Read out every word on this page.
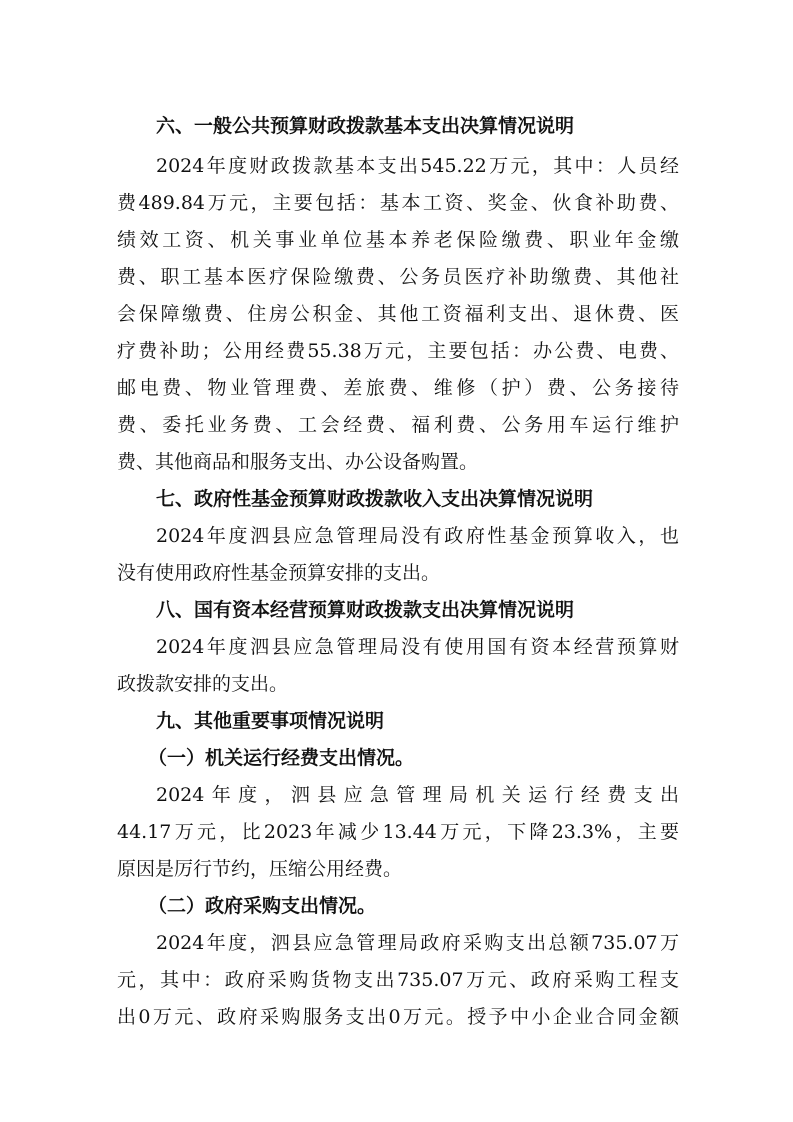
六、一般公共预算财政拨款基本支出决算情况说明
2024年度财政拨款基本支出545.22万元，其中：人员经
费489.84万元，主要包括：基本工资、奖金、伙食补助费、
绩效工资、机关事业单位基本养老保险缴费、职业年金缴
费、职工基本医疗保险缴费、公务员医疗补助缴费、其他社
会保障缴费、住房公积金、其他工资福利支出、退休费、医
疗费补助；公用经费55.38万元，主要包括：办公费、电费、
邮电费、物业管理费、差旅费、维修（护）费、公务接待
费、委托业务费、工会经费、福利费、公务用车运行维护
费、其他商品和服务支出、办公设备购置。
七、政府性基金预算财政拨款收入支出决算情况说明
2024年度泗县应急管理局没有政府性基金预算收入，也
没有使用政府性基金预算安排的支出。
八、国有资本经营预算财政拨款支出决算情况说明
2024年度泗县应急管理局没有使用国有资本经营预算财
政拨款安排的支出。
九、其他重要事项情况说明
（一）机关运行经费支出情况。
2024年度，泗县应急管理局机关运行经费支出
44.17万元，比2023年减少13.44万元，下降23.3%，主要
原因是厉行节约，压缩公用经费。
（二）政府采购支出情况。
2024年度，泗县应急管理局政府采购支出总额735.07万
元，其中：政府采购货物支出735.07万元、政府采购工程支
出0万元、政府采购服务支出0万元。授予中小企业合同金额
